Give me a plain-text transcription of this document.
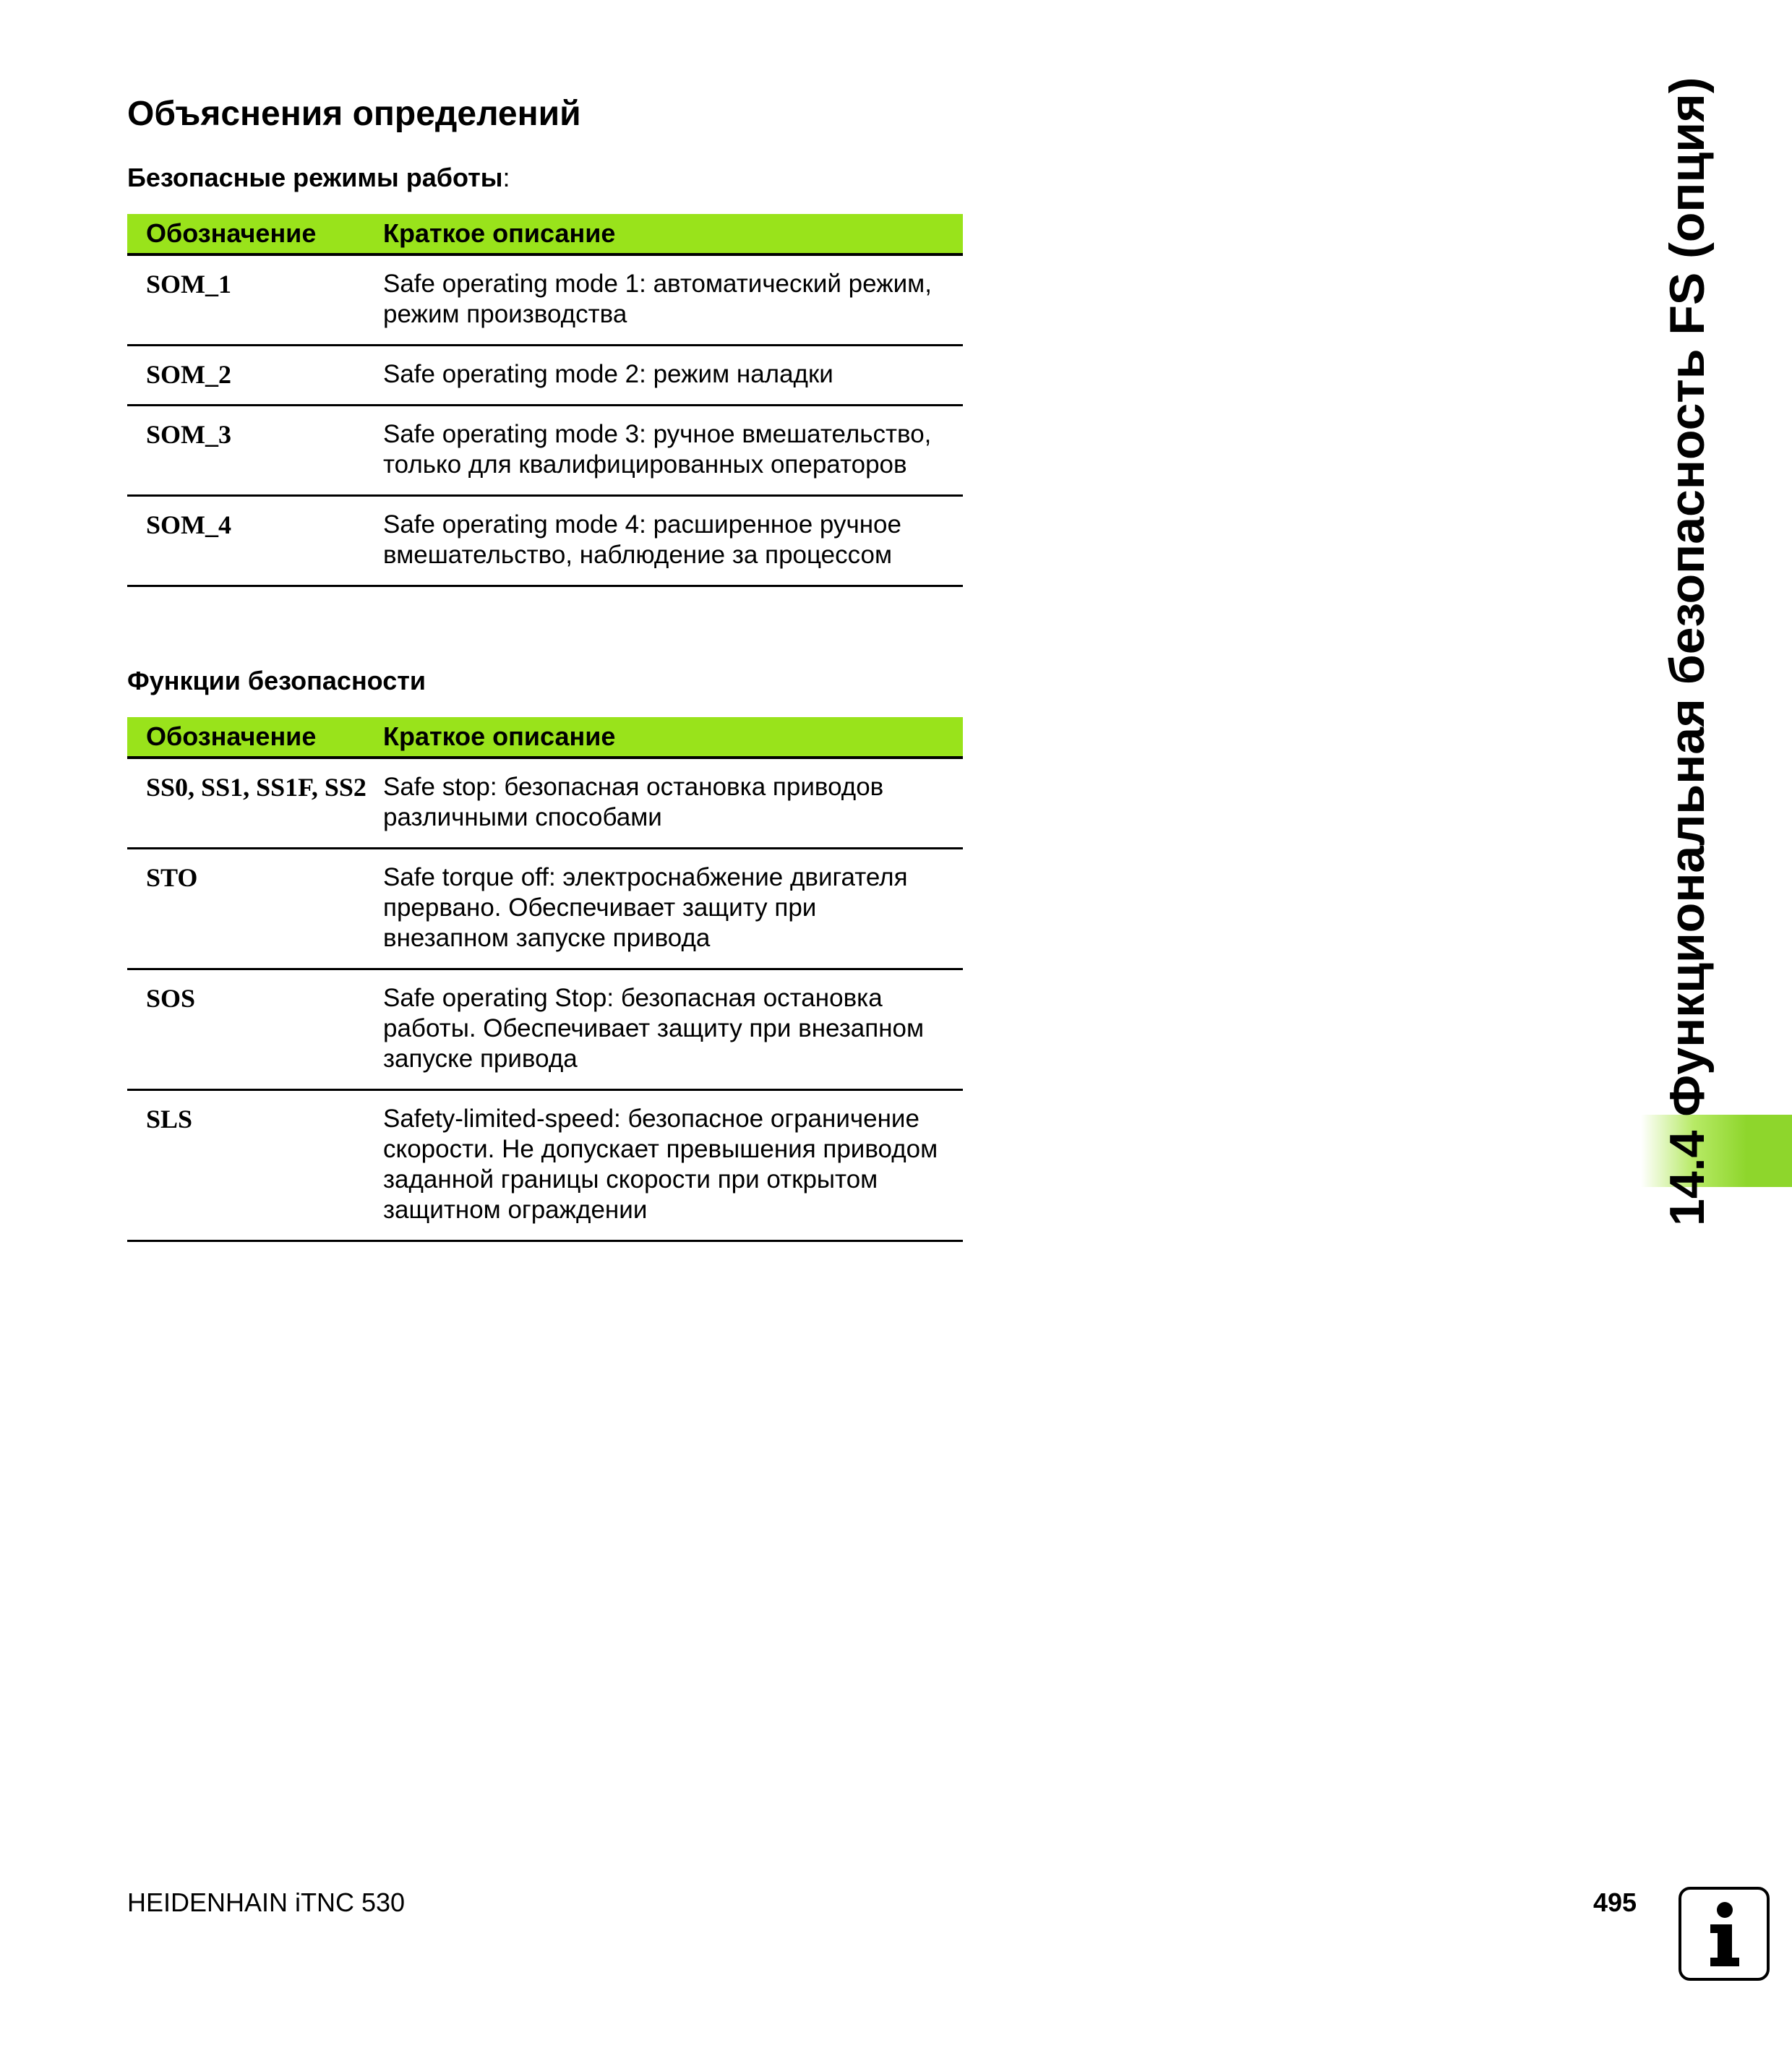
Объяснения определений

Безопасные режимы работы:

Обозначение	Краткое описание
SOM_1	Safe operating mode 1: автоматический режим, режим производства
SOM_2	Safe operating mode 2: режим наладки
SOM_3	Safe operating mode 3: ручное вмешательство, только для квалифицированных операторов
SOM_4	Safe operating mode 4: расширенное ручное вмешательство, наблюдение за процессом

Функции безопасности

Обозначение	Краткое описание
SS0, SS1, SS1F, SS2	Safe stop: безопасная остановка приводов различными способами
STO	Safe torque off: электроснабжение двигателя прервано. Обеспечивает защиту при внезапном запуске привода
SOS	Safe operating Stop: безопасная остановка работы. Обеспечивает защиту при внезапном запуске привода
SLS	Safety-limited-speed: безопасное ограничение скорости. Не допускает превышения приводом заданной границы скорости при открытом защитном ограждении	14.4 Функциональная безопасность FS (опция)
HEIDENHAIN iTNC 530	495
